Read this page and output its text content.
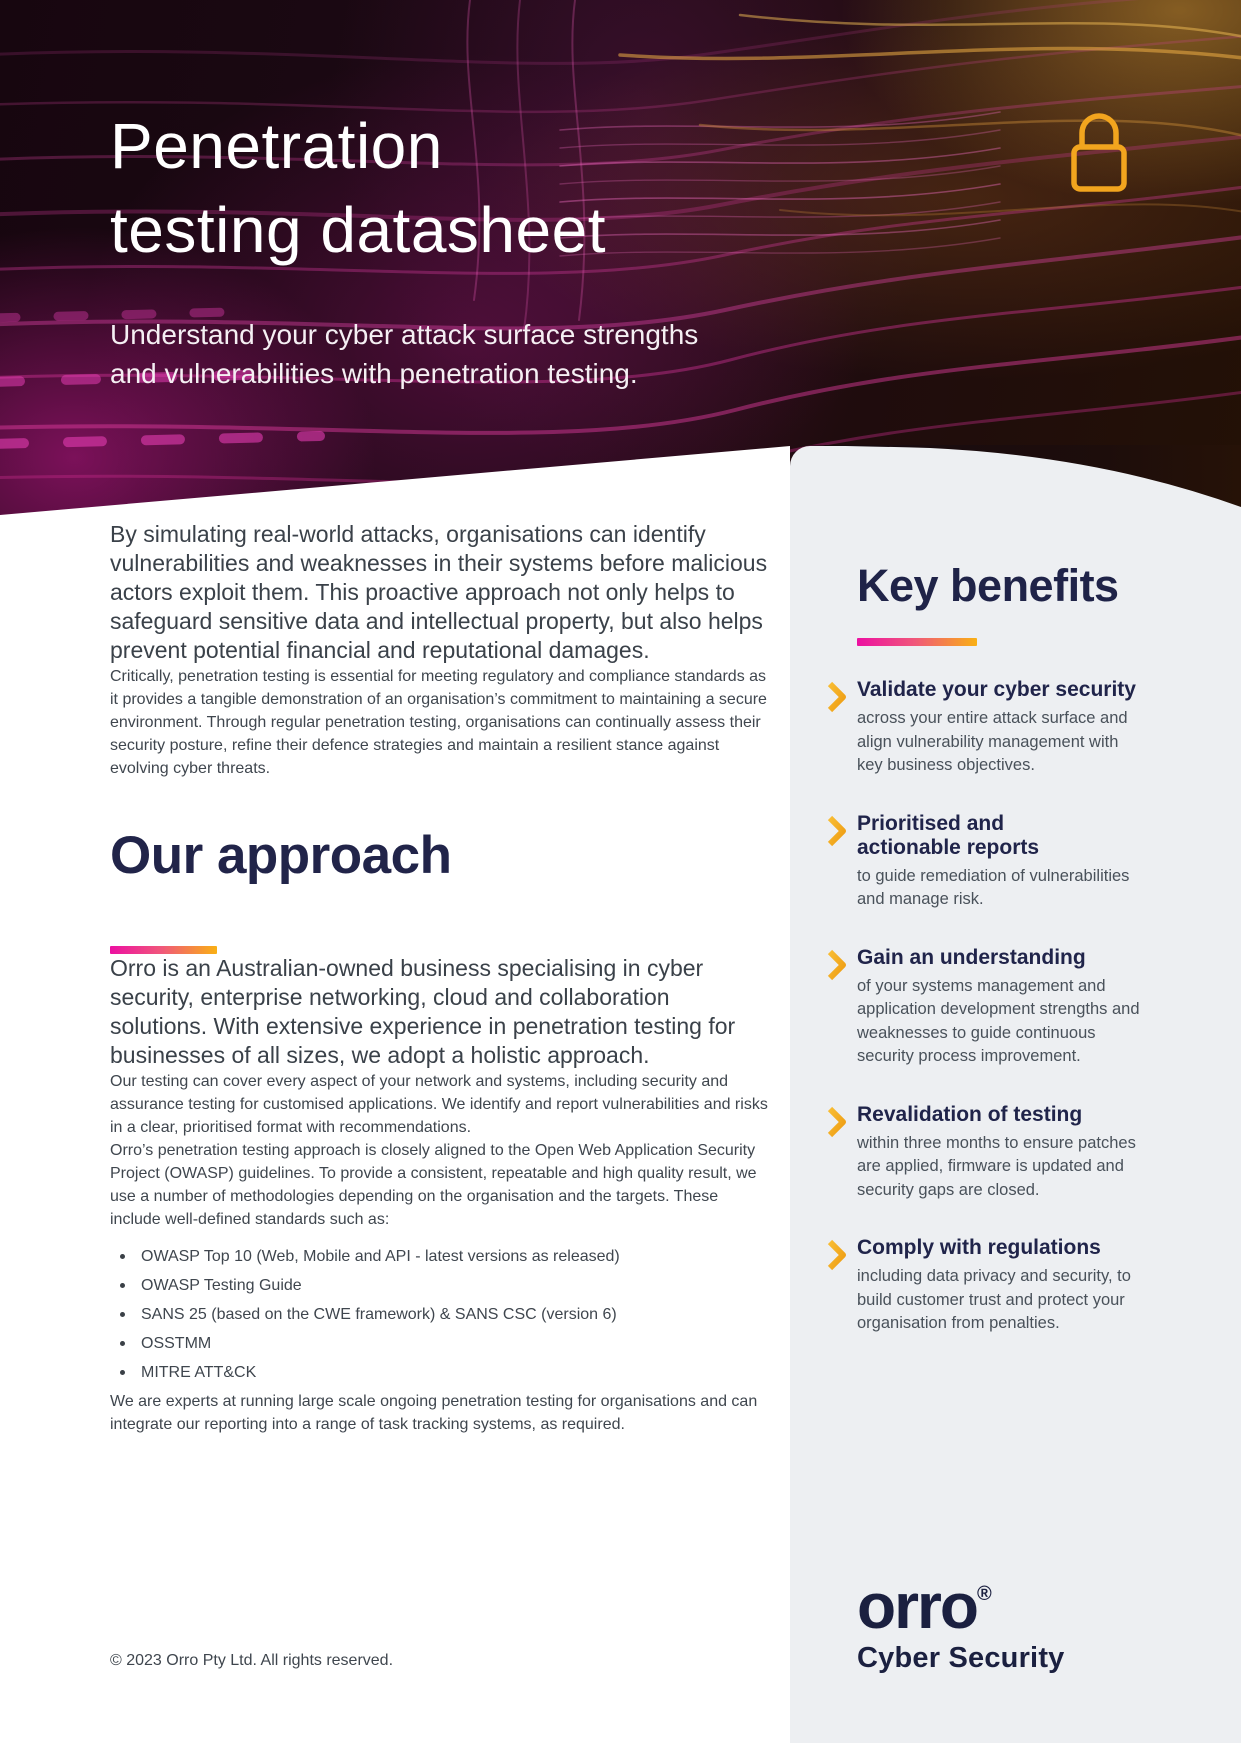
Penetration
testing datasheet

Understand your cyber attack surface strengths
and vulnerabilities with penetration testing.

Key benefits
Validate your cyber security

across your entire attack surface and align vulnerability management with key business objectives.

Prioritised and actionable reports

to guide remediation of vulnerabilities and manage risk.

Gain an understanding

of your systems management and application development strengths and weaknesses to guide continuous security process improvement.

Revalidation of testing

within three months to ensure patches are applied, firmware is updated and security gaps are closed.

Comply with regulations

including data privacy and security, to build customer trust and protect your organisation from penalties.

orro®
Cyber Security

By simulating real-world attacks, organisations can identify vulnerabilities and weaknesses in their systems before malicious actors exploit them. This proactive approach not only helps to safeguard sensitive data and intellectual property, but also helps prevent potential financial and reputational damages.

Critically, penetration testing is essential for meeting regulatory and compliance standards as it provides a tangible demonstration of an organisation’s commitment to maintaining a secure environment. Through regular penetration testing, organisations can continually assess their security posture, refine their defence strategies and maintain a resilient stance against evolving cyber threats.

Our approach

Orro is an Australian-owned business specialising in cyber security, enterprise networking, cloud and collaboration solutions. With extensive experience in penetration testing for businesses of all sizes, we adopt a holistic approach.

Our testing can cover every aspect of your network and systems, including security and assurance testing for customised applications. We identify and report vulnerabilities and risks in a clear, prioritised format with recommendations.

Orro’s penetration testing approach is closely aligned to the Open Web Application Security Project (OWASP) guidelines. To provide a consistent, repeatable and high quality result, we use a number of methodologies depending on the organisation and the targets. These include well-defined standards such as:

OWASP Top 10 (Web, Mobile and API - latest versions as released)
OWASP Testing Guide
SANS 25 (based on the CWE framework) & SANS CSC (version 6)
OSSTMM
MITRE ATT&CK

We are experts at running large scale ongoing penetration testing for organisations and can integrate our reporting into a range of task tracking systems, as required.

© 2023 Orro Pty Ltd. All rights reserved.
